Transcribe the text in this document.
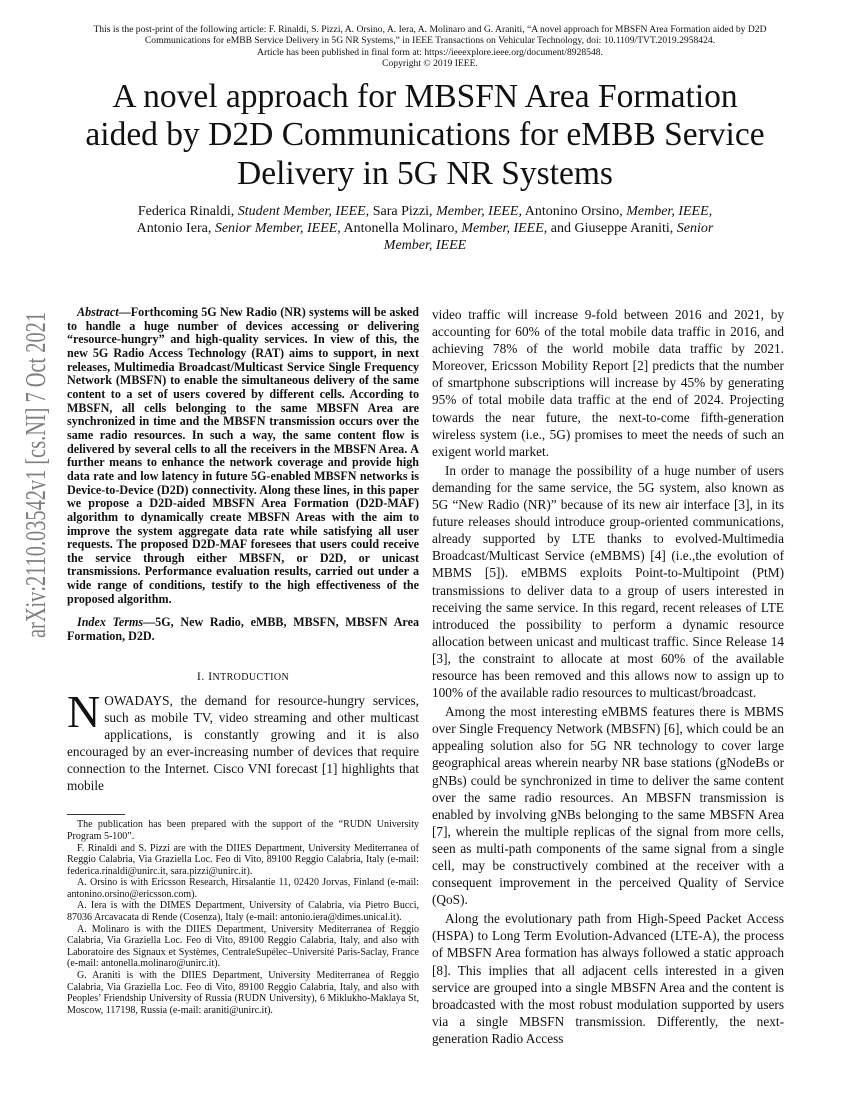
This is the post-print of the following article: F. Rinaldi, S. Pizzi, A. Orsino, A. Iera, A. Molinaro and G. Araniti, “A novel approach for MBSFN Area Formation aided by D2D
Communications for eMBB Service Delivery in 5G NR Systems,” in IEEE Transactions on Vehicular Technology, doi: 10.1109/TVT.2019.2958424.
Article has been published in final form at: https://ieeexplore.ieee.org/document/8928548.
Copyright © 2019 IEEE.
A novel approach for MBSFN Area Formation
aided by D2D Communications for eMBB Service
Delivery in 5G NR Systems
Federica Rinaldi, Student Member, IEEE, Sara Pizzi, Member, IEEE, Antonino Orsino, Member, IEEE,
Antonio Iera, Senior Member, IEEE, Antonella Molinaro, Member, IEEE, and Giuseppe Araniti, Senior
Member, IEEE
arXiv:2110.03542v1 [cs.NI] 7 Oct 2021	Abstract—Forthcoming 5G New Radio (NR) systems will be asked to handle a huge number of devices accessing or delivering “resource-hungry” and high-quality services. In view of this, the new 5G Radio Access Technology (RAT) aims to support, in next releases, Multimedia Broadcast/Multicast Service Single Frequency Network (MBSFN) to enable the simultaneous delivery of the same content to a set of users covered by different cells. According to MBSFN, all cells belonging to the same MBSFN Area are synchronized in time and the MBSFN transmission occurs over the same radio resources. In such a way, the same content flow is delivered by several cells to all the receivers in the MBSFN Area. A further means to enhance the network coverage and provide high data rate and low latency in future 5G-enabled MBSFN networks is Device-to-Device (D2D) connectivity. Along these lines, in this paper we propose a D2D-aided MBSFN Area Formation (D2D-MAF) algorithm to dynamically create MBSFN Areas with the aim to improve the system aggregate data rate while satisfying all user requests. The proposed D2D-MAF foresees that users could receive the service through either MBSFN, or D2D, or unicast transmissions. Performance evaluation results, carried out under a wide range of conditions, testify to the high effectiveness of the proposed algorithm.

Index Terms—5G, New Radio, eMBB, MBSFN, MBSFN Area Formation, D2D.
I. INTRODUCTION
NOWADAYS, the demand for resource-hungry services, such as mobile TV, video streaming and other multicast applications, is constantly growing and it is also encouraged by an ever-increasing number of devices that require connection to the Internet. Cisco VNI forecast [1] highlights that mobile

The publication has been prepared with the support of the “RUDN University Program 5-100”.

F. Rinaldi and S. Pizzi are with the DIIES Department, University Mediterranea of Reggio Calabria, Via Graziella Loc. Feo di Vito, 89100 Reggio Calabria, Italy (e-mail: federica.rinaldi@unirc.it, sara.pizzi@unirc.it).

A. Orsino is with Ericsson Research, Hirsalantie 11, 02420 Jorvas, Finland (e-mail: antonino.orsino@ericsson.com).

A. Iera is with the DIMES Department, University of Calabria, via Pietro Bucci, 87036 Arcavacata di Rende (Cosenza), Italy (e-mail: antonio.iera@dimes.unical.it).

A. Molinaro is with the DIIES Department, University Mediterranea of Reggio Calabria, Via Graziella Loc. Feo di Vito, 89100 Reggio Calabria, Italy, and also with Laboratoire des Signaux et Systèmes, CentraleSupélec–Université Paris-Saclay, France (e-mail: antonella.molinaro@unirc.it).

G. Araniti is with the DIIES Department, University Mediterranea of Reggio Calabria, Via Graziella Loc. Feo di Vito, 89100 Reggio Calabria, Italy, and also with Peoples’ Friendship University of Russia (RUDN University), 6 Miklukho-Maklaya St, Moscow, 117198, Russia (e-mail: araniti@unirc.it).

video traffic will increase 9-fold between 2016 and 2021, by accounting for 60% of the total mobile data traffic in 2016, and achieving 78% of the world mobile data traffic by 2021. Moreover, Ericsson Mobility Report [2] predicts that the number of smartphone subscriptions will increase by 45% by generating 95% of total mobile data traffic at the end of 2024. Projecting towards the near future, the next-to-come fifth-generation wireless system (i.e., 5G) promises to meet the needs of such an exigent world market.

In order to manage the possibility of a huge number of users demanding for the same service, the 5G system, also known as 5G “New Radio (NR)” because of its new air interface [3], in its future releases should introduce group-oriented communications, already supported by LTE thanks to evolved-Multimedia Broadcast/Multicast Service (eMBMS) [4] (i.e.,the evolution of MBMS [5]). eMBMS exploits Point-to-Multipoint (PtM) transmissions to deliver data to a group of users interested in receiving the same service. In this regard, recent releases of LTE introduced the possibility to perform a dynamic resource allocation between unicast and multicast traffic. Since Release 14 [3], the constraint to allocate at most 60% of the available resource has been removed and this allows now to assign up to 100% of the available radio resources to multicast/broadcast.

Among the most interesting eMBMS features there is MBMS over Single Frequency Network (MBSFN) [6], which could be an appealing solution also for 5G NR technology to cover large geographical areas wherein nearby NR base stations (gNodeBs or gNBs) could be synchronized in time to deliver the same content over the same radio resources. An MBSFN transmission is enabled by involving gNBs belonging to the same MBSFN Area [7], wherein the multiple replicas of the signal from more cells, seen as multi-path components of the same signal from a single cell, may be constructively combined at the receiver with a consequent improvement in the perceived Quality of Service (QoS).

Along the evolutionary path from High-Speed Packet Access (HSPA) to Long Term Evolution-Advanced (LTE-A), the process of MBSFN Area formation has always followed a static approach [8]. This implies that all adjacent cells interested in a given service are grouped into a single MBSFN Area and the content is broadcasted with the most robust modulation supported by users via a single MBSFN transmission. Differently, the next-generation Radio Access
